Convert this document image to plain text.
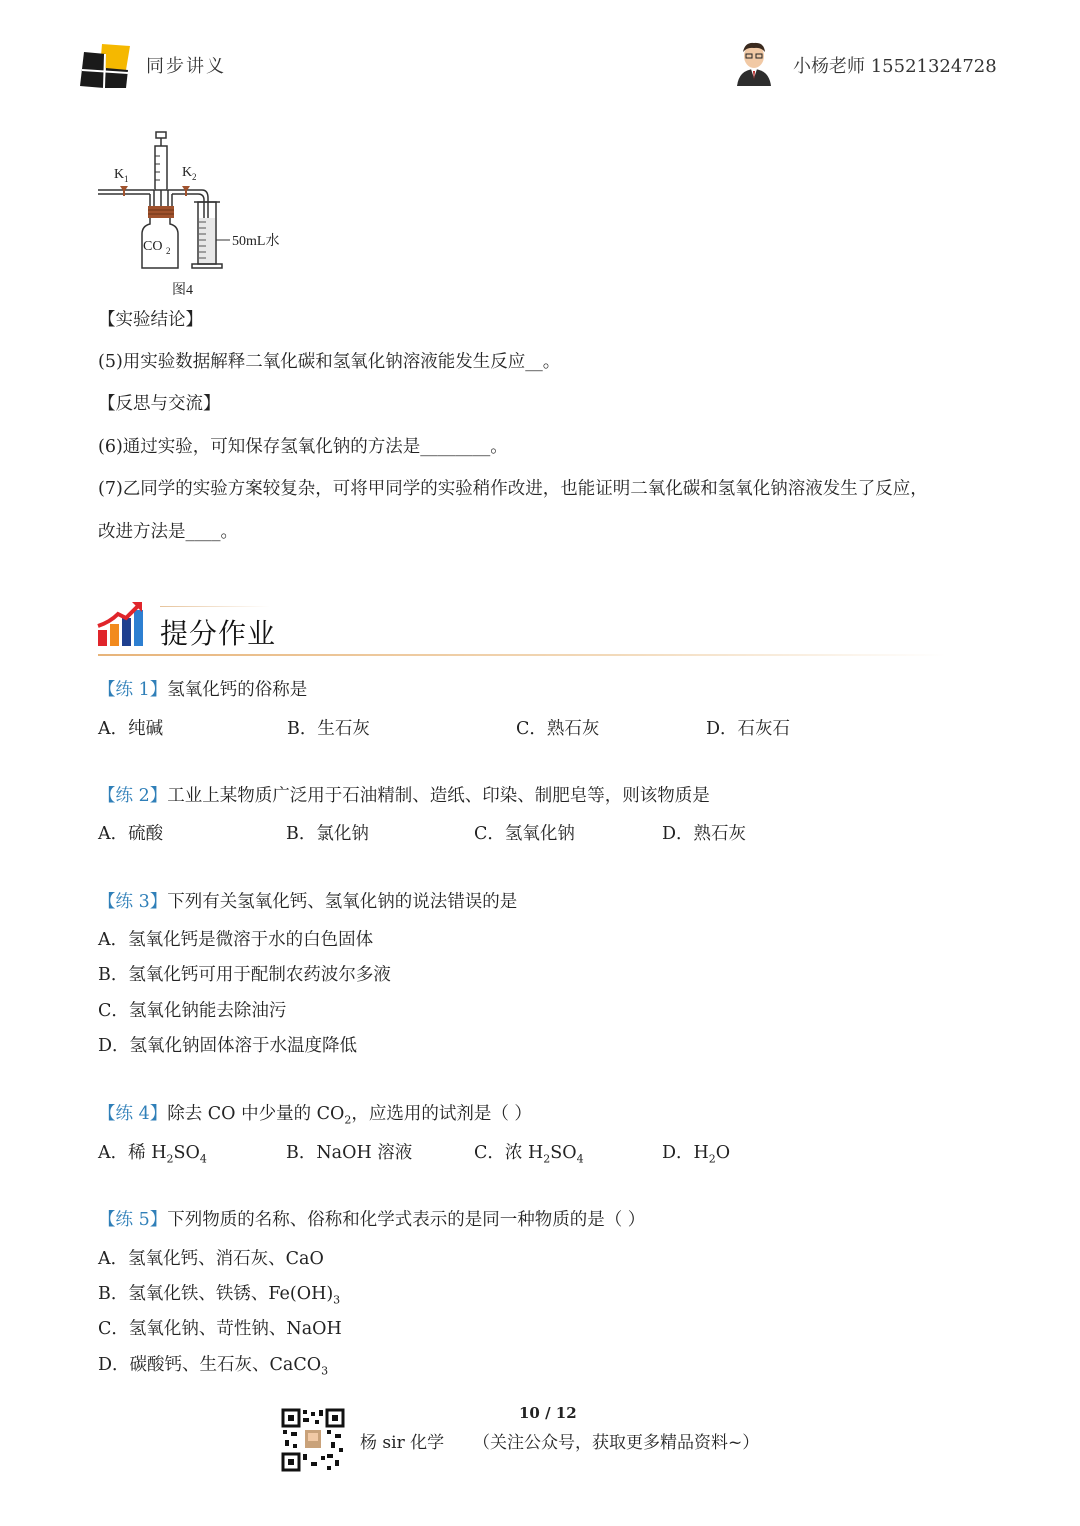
同步讲义	小杨老师 15521324728
K 1	K 2
CO 2
50mL水
图4
【实验结论】
(5)用实验数据解释二氧化碳和氢氧化钠溶液能发生反应__。
【反思与交流】
(6)通过实验，可知保存氢氧化钠的方法是________。
(7)乙同学的实验方案较复杂，可将甲同学的实验稍作改进，也能证明二氧化碳和氢氧化钠溶液发生了反应，
改进方法是____。
提分作业
【练 1】氢氧化钙的俗称是
A．纯碱	B．生石灰	C．熟石灰	D．石灰石
【练 2】工业上某物质广泛用于石油精制、造纸、印染、制肥皂等，则该物质是
A．硫酸	B．氯化钠	C．氢氧化钠	D．熟石灰
【练 3】下列有关氢氧化钙、氢氧化钠的说法错误的是
A．氢氧化钙是微溶于水的白色固体
B．氢氧化钙可用于配制农药波尔多液
C．氢氧化钠能去除油污
D．氢氧化钠固体溶于水温度降低
【练 4】除去 CO 中少量的 $CO_2$，应选用的试剂是（ ）
A．稀 $H_2SO_4$	B．NaOH 溶液	C．浓 $H_2SO_4$	D．$H_2O$
【练 5】下列物质的名称、俗称和化学式表示的是同一种物质的是（ ）
A．氢氧化钙、消石灰、CaO
B．氢氧化铁、铁锈、$Fe(OH)_3$
C．氢氧化钠、苛性钠、NaOH
D．碳酸钙、生石灰、CaCO$_3$
10 / 12
杨 sir 化学 （关注公众号，获取更多精品资料~）
